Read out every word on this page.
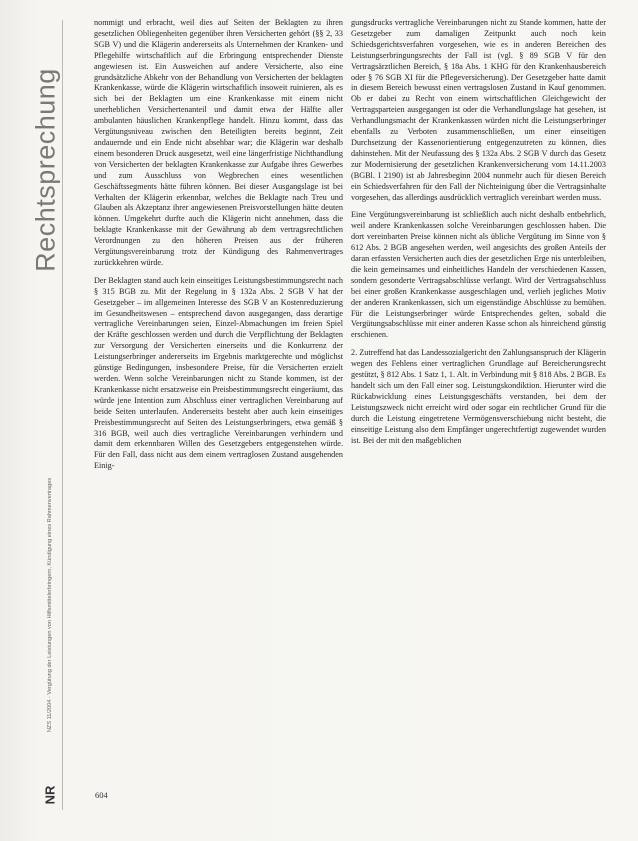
Rechtsprechung
NZS 11/2004 · Vergütung der Leistungen von Hilfsmittelerbringern, Kündigung eines Rahmenvertrages
NR

nommigt und erbracht, weil dies auf Seiten der Beklagten zu ihren gesetzlichen Obliegenheiten gegenüber ihren Versicherten gehört (§§ 2, 33 SGB V) und die Klägerin andererseits als Unternehmen der Kranken- und Pflegehilfe wirtschaftlich auf die Erbringung entsprechender Dienste angewiesen ist. Ein Ausweichen auf andere Versicherte, also eine grundsätzliche Abkehr von der Behandlung von Versicherten der beklagten Krankenkasse, würde die Klägerin wirtschaftlich insoweit ruinieren, als es sich bei der Beklagten um eine Krankenkasse mit einem nicht unerheblichen Versichertenanteil und damit etwa der Hälfte aller ambulanten häuslichen Krankenpflege handelt. Hinzu kommt, dass das Vergütungsniveau zwischen den Beteiligten bereits beginnt, Zeit andauernde und ein Ende nicht absehbar war; die Klägerin war deshalb einem besonderen Druck ausgesetzt, weil eine längerfristige Nichthandlung von Versicherten der beklagten Krankenkasse zur Aufgabe ihres Gewerbes und zum Ausschluss von Wegbrechen eines wesentlichen Geschäftssegments hätte führen können. Bei dieser Ausgangslage ist bei Verhalten der Klägerin erkennbar, welches die Beklagte nach Treu und Glauben als Akzeptanz ihrer angewiesenen Preisvorstellungen hätte deuten können. Umgekehrt durfte auch die Klägerin nicht annehmen, dass die beklagte Krankenkasse mit der Gewährung ab dem vertragsrechtlichen Verordnungen zu den höheren Preisen aus der früheren Vergütungsvereinbarung trotz der Kündigung des Rahmenvertrages zurückkehren würde.

Der Beklagten stand auch kein einseitiges Leistungsbestimmungsrecht nach § 315 BGB zu. Mit der Regelung in § 132a Abs. 2 SGB V hat der Gesetzgeber – im allgemeinen Interesse des SGB V an Kostenreduzierung im Gesundheitswesen – entsprechend davon ausgegangen, dass derartige vertragliche Vereinbarungen seien, Einzel-Abmachungen im freien Spiel der Kräfte geschlossen werden und durch die Verpflichtung der Beklagten zur Versorgung der Versicherten einerseits und die Konkurrenz der Leistungserbringer andererseits im Ergebnis marktgerechte und möglichst günstige Bedingungen, insbesondere Preise, für die Versicherten erzielt werden. Wenn solche Vereinbarungen nicht zu Stande kommen, ist der Krankenkasse nicht ersatzweise ein Preisbestimmungsrecht eingeräumt, das würde jene Intention zum Abschluss einer vertraglichen Vereinbarung auf beide Seiten unterlaufen. Andererseits besteht aber auch kein einseitiges Preisbestimmungsrecht auf Seiten des Leistungserbringers, etwa gemäß § 316 BGB, weil auch dies vertragliche Vereinbarungen verhindern und damit dem erkennbaren Willen des Gesetzgebers entgegenstehen würde. Für den Fall, dass nicht aus dem einem vertraglosen Zustand ausgehenden Einig-

gungsdrucks vertragliche Vereinbarungen nicht zu Stande kommen, hatte der Gesetzgeber zum damaligen Zeitpunkt auch noch kein Schiedsgerichtsverfahren vorgesehen, wie es in anderen Bereichen des Leistungserbringungsrechts der Fall ist (vgl. § 89 SGB V für den Vertragsärztlichen Bereich, § 18a Abs. 1 KHG für den Krankenhausbereich oder § 76 SGB XI für die Pflegeversicherung). Der Gesetzgeber hatte damit in diesem Bereich bewusst einen vertragslosen Zustand in Kauf genommen. Ob er dabei zu Recht von einem wirtschaftlichen Gleichgewicht der Vertragsparteien ausgegangen ist oder die Verhandlungslage hat gesehen, ist Verhandlungsmacht der Krankenkassen würden nicht die Leistungserbringer ebenfalls zu Verboten zusammenschließen, um einer einseitigen Durchsetzung der Kassenorientierung entgegenzutreten zu können, dies dahinstehen. Mit der Neufassung des § 132a Abs. 2 SGB V durch das Gesetz zur Modernisierung der gesetzlichen Krankenversicherung vom 14.11.2003 (BGBl. I 2190) ist ab Jahresbeginn 2004 nunmehr auch für diesen Bereich ein Schiedsverfahren für den Fall der Nichteinigung über die Vertragsinhalte vorgesehen, das allerdings ausdrücklich vertraglich vereinbart werden muss.

Eine Vergütungsvereinbarung ist schließlich auch nicht deshalb entbehrlich, weil andere Krankenkassen solche Vereinbarungen geschlossen haben. Die dort vereinbarten Preise können nicht als übliche Vergütung im Sinne von § 612 Abs. 2 BGB angesehen werden, weil angesichts des großen Anteils der daran erfassten Versicherten auch dies der gesetzlichen Erge nis unterbleiben, die kein gemeinsames und einheitliches Handeln der verschiedenen Kassen, sondern gesonderte Vertragsabschlüsse verlangt. Wird der Vertragsabschluss bei einer großen Krankenkasse ausgeschlagen und, verlieh jegliches Motiv der anderen Krankenkassen, sich um eigenständige Abschlüsse zu bemühen. Für die Leistungserbringer würde Entsprechendes gelten, sobald die Vergütungsabschlüsse mit einer anderen Kasse schon als hinreichend günstig erschienen.

2. Zutreffend hat das Landessozialgericht den Zahlungsanspruch der Klägerin wegen des Fehlens einer vertraglichen Grundlage auf Bereicherungsrecht gestützt, § 812 Abs. 1 Satz 1, 1. Alt. in Verbindung mit § 818 Abs. 2 BGB. Es handelt sich um den Fall einer sog. Leistungskondiktion. Hierunter wird die Rückabwicklung eines Leistungsgeschäfts verstanden, bei dem der Leistungszweck nicht erreicht wird oder sogar ein rechtlicher Grund für die durch die Leistung eingetretene Vermögensverschiebung nicht besteht, die einseitige Leistung also dem Empfänger ungerechtfertigt zugewendet wurden ist. Bei der mit den maßgeblichen

604
